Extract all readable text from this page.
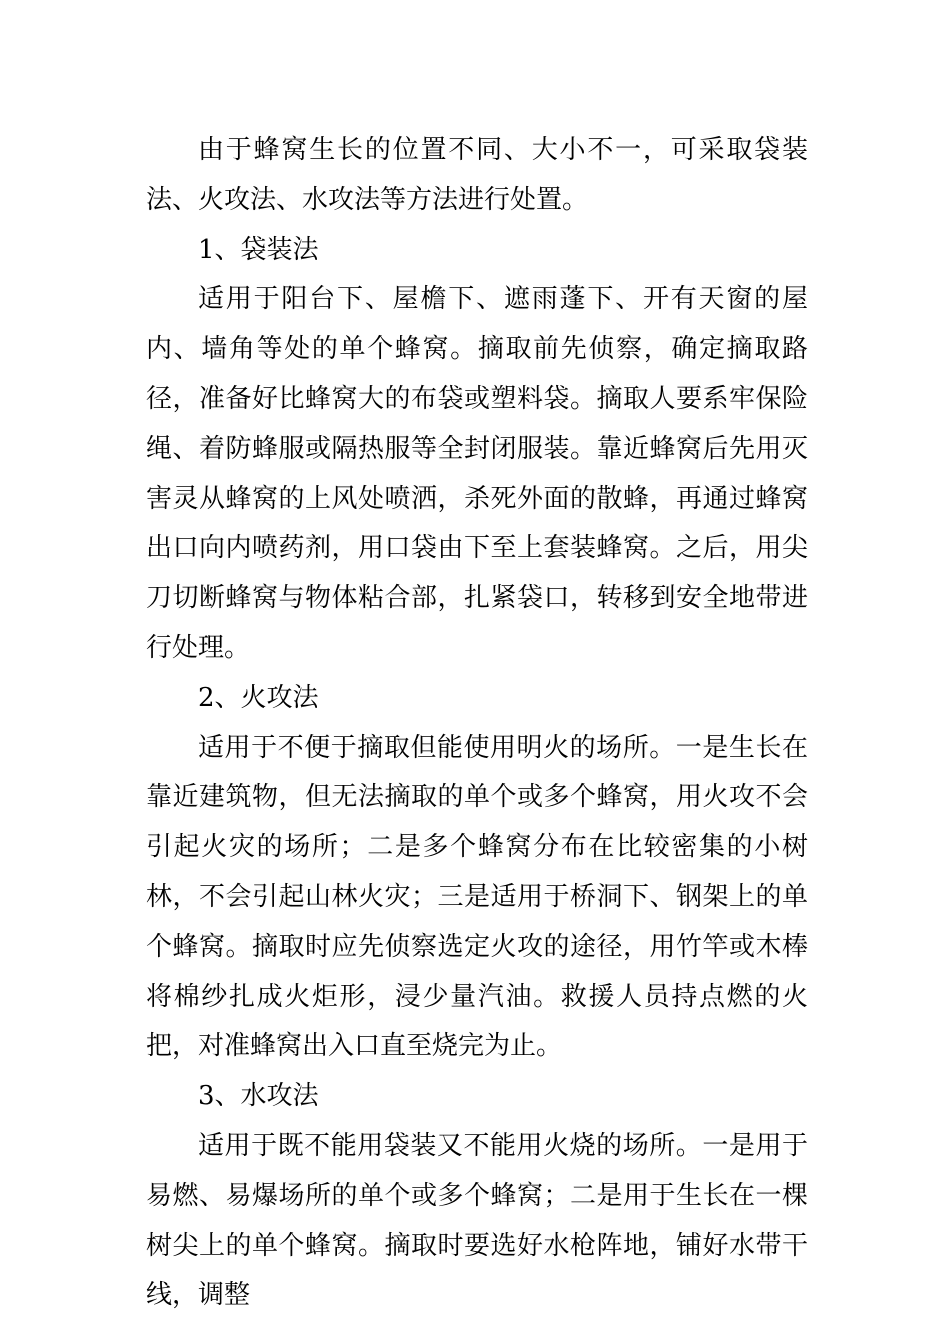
由于蜂窝生长的位置不同、大小不一，可采取袋装法、火攻法、水攻法等方法进行处置。

1、袋装法

适用于阳台下、屋檐下、遮雨蓬下、开有天窗的屋内、墙角等处的单个蜂窝。摘取前先侦察，确定摘取路径，准备好比蜂窝大的布袋或塑料袋。摘取人要系牢保险绳、着防蜂服或隔热服等全封闭服装。靠近蜂窝后先用灭害灵从蜂窝的上风处喷洒，杀死外面的散蜂，再通过蜂窝出口向内喷药剂，用口袋由下至上套装蜂窝。之后，用尖刀切断蜂窝与物体粘合部，扎紧袋口，转移到安全地带进行处理。

2、火攻法

适用于不便于摘取但能使用明火的场所。一是生长在靠近建筑物，但无法摘取的单个或多个蜂窝，用火攻不会引起火灾的场所；二是多个蜂窝分布在比较密集的小树林，不会引起山林火灾；三是适用于桥洞下、钢架上的单个蜂窝。摘取时应先侦察选定火攻的途径，用竹竿或木棒将棉纱扎成火炬形，浸少量汽油。救援人员持点燃的火把，对准蜂窝出入口直至烧完为止。

3、水攻法

适用于既不能用袋装又不能用火烧的场所。一是用于易燃、易爆场所的单个或多个蜂窝；二是用于生长在一棵树尖上的单个蜂窝。摘取时要选好水枪阵地，铺好水带干线，调整
